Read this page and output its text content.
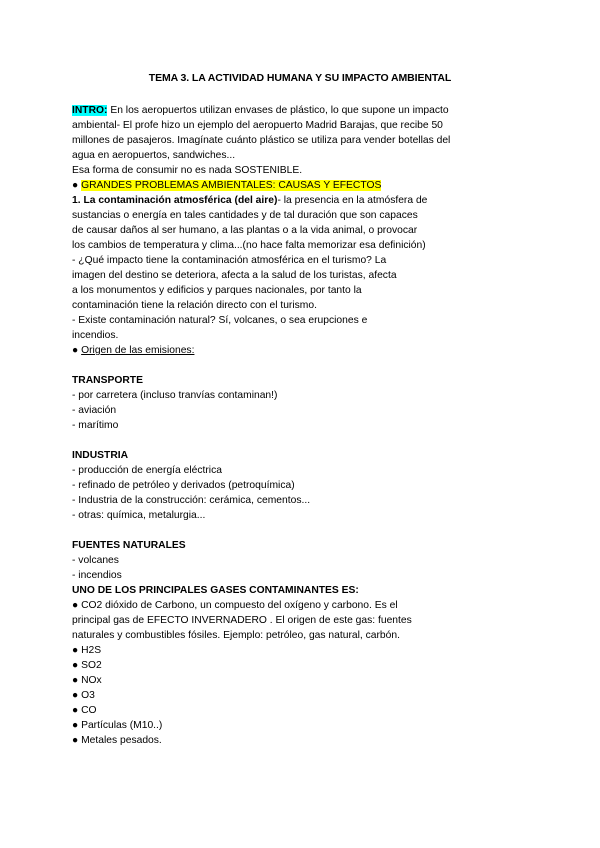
TEMA 3. LA ACTIVIDAD HUMANA Y SU IMPACTO AMBIENTAL
INTRO: En los aeropuertos utilizan envases de plástico, lo que supone un impacto
ambiental- El profe hizo un ejemplo del aeropuerto Madrid Barajas, que recibe 50
millones de pasajeros. Imagínate cuánto plástico se utiliza para vender botellas del
agua en aeropuertos, sandwiches...
Esa forma de consumir no es nada SOSTENIBLE.
● GRANDES PROBLEMAS AMBIENTALES: CAUSAS Y EFECTOS
1. La contaminación atmosférica (del aire)- la presencia en la atmósfera de
sustancias o energía en tales cantidades y de tal duración que son capaces
de causar daños al ser humano, a las plantas o a la vida animal, o provocar
los cambios de temperatura y clima...(no hace falta memorizar esa definición)
- ¿Qué impacto tiene la contaminación atmosférica en el turismo? La
imagen del destino se deteriora, afecta a la salud de los turistas, afecta
a los monumentos y edificios y parques nacionales, por tanto la
contaminación tiene la relación directo con el turismo.
- Existe contaminación natural? Sí, volcanes, o sea erupciones e
incendios.
● Origen de las emisiones:
TRANSPORTE
- por carretera (incluso tranvías contaminan!)
- aviación
- marítimo
INDUSTRIA
- producción de energía eléctrica
- refinado de petróleo y derivados (petroquímica)
- Industria de la construcción: cerámica, cementos...
- otras: química, metalurgia...
FUENTES NATURALES
- volcanes
- incendios
UNO DE LOS PRINCIPALES GASES CONTAMINANTES ES:
● CO2 dióxido de Carbono, un compuesto del oxígeno y carbono. Es el
principal gas de EFECTO INVERNADERO . El origen de este gas: fuentes
naturales y combustibles fósiles. Ejemplo: petróleo, gas natural, carbón.
● H2S
● SO2
● NOx
● O3
● CO
● Partículas (M10..)
● Metales pesados.
